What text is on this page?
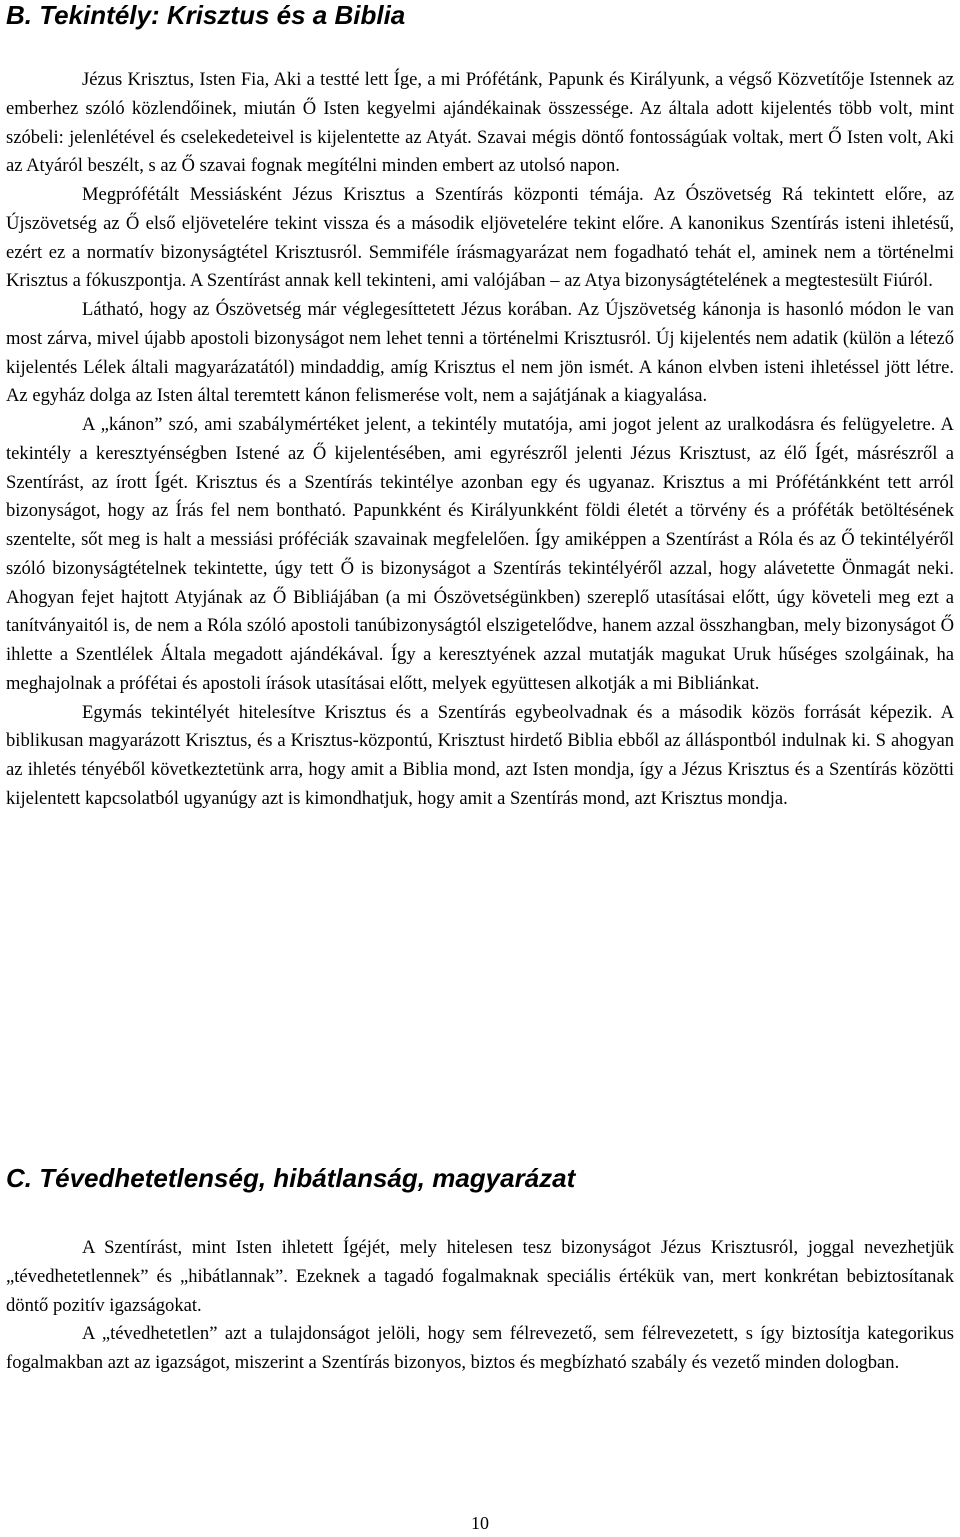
B. Tekintély: Krisztus és a Biblia

Jézus Krisztus, Isten Fia, Aki a testté lett Íge, a mi Prófétánk, Papunk és Királyunk, a végső Közvetítője Istennek az emberhez szóló közlendőinek, miután Ő Isten kegyelmi ajándékainak összessége. Az általa adott kijelentés több volt, mint szóbeli: jelenlétével és cselekedeteivel is kijelentette az Atyát. Szavai mégis döntő fontosságúak voltak, mert Ő Isten volt, Aki az Atyáról beszélt, s az Ő szavai fognak megítélni minden embert az utolsó napon.

Megprófétált Messiásként Jézus Krisztus a Szentírás központi témája. Az Ószövetség Rá tekintett előre, az Újszövetség az Ő első eljövetelére tekint vissza és a második eljövetelére tekint előre. A kanonikus Szentírás isteni ihletésű, ezért ez a normatív bizonyságtétel Krisztusról. Semmiféle írásmagyarázat nem fogadható tehát el, aminek nem a történelmi Krisztus a fókuszpontja. A Szentírást annak kell tekinteni, ami valójában – az Atya bizonyságtételének a megtestesült Fiúról.

Látható, hogy az Ószövetség már véglegesíttetett Jézus korában. Az Újszövetség kánonja is hasonló módon le van most zárva, mivel újabb apostoli bizonyságot nem lehet tenni a történelmi Krisztusról. Új kijelentés nem adatik (külön a létező kijelentés Lélek általi magyarázatától) mindaddig, amíg Krisztus el nem jön ismét. A kánon elvben isteni ihletéssel jött létre. Az egyház dolga az Isten által teremtett kánon felismerése volt, nem a sajátjának a kiagyalása.

A „kánon” szó, ami szabálymértéket jelent, a tekintély mutatója, ami jogot jelent az uralkodásra és felügyeletre. A tekintély a keresztyénségben Istené az Ő kijelentésében, ami egyrészről jelenti Jézus Krisztust, az élő Ígét, másrészről a Szentírást, az írott Ígét. Krisztus és a Szentírás tekintélye azonban egy és ugyanaz. Krisztus a mi Prófétánkként tett arról bizonyságot, hogy az Írás fel nem bontható. Papunkként és Királyunkként földi életét a törvény és a próféták betöltésének szentelte, sőt meg is halt a messiási próféciák szavainak megfelelően. Így amiképpen a Szentírást a Róla és az Ő tekintélyéről szóló bizonyságtételnek tekintette, úgy tett Ő is bizonyságot a Szentírás tekintélyéről azzal, hogy alávetette Önmagát neki. Ahogyan fejet hajtott Atyjának az Ő Bibliájában (a mi Ószövetségünkben) szereplő utasításai előtt, úgy követeli meg ezt a tanítványaitól is, de nem a Róla szóló apostoli tanúbizonyságtól elszigetelődve, hanem azzal összhangban, mely bizonyságot Ő ihlette a Szentlélek Általa megadott ajándékával. Így a keresztyének azzal mutatják magukat Uruk hűséges szolgáinak, ha meghajolnak a prófétai és apostoli írások utasításai előtt, melyek együttesen alkotják a mi Bibliánkat.

Egymás tekintélyét hitelesítve Krisztus és a Szentírás egybeolvadnak és a második közös forrását képezik. A biblikusan magyarázott Krisztus, és a Krisztus-központú, Krisztust hirdető Biblia ebből az álláspontból indulnak ki. S ahogyan az ihletés tényéből következtetünk arra, hogy amit a Biblia mond, azt Isten mondja, így a Jézus Krisztus és a Szentírás közötti kijelentett kapcsolatból ugyanúgy azt is kimondhatjuk, hogy amit a Szentírás mond, azt Krisztus mondja.

C. Tévedhetetlenség, hibátlanság, magyarázat

A Szentírást, mint Isten ihletett Ígéjét, mely hitelesen tesz bizonyságot Jézus Krisztusról, joggal nevezhetjük „tévedhetetlennek” és „hibátlannak”. Ezeknek a tagadó fogalmaknak speciális értékük van, mert konkrétan bebiztosítanak döntő pozitív igazságokat.

A „tévedhetetlen” azt a tulajdonságot jelöli, hogy sem félrevezető, sem félrevezetett, s így biztosítja kategorikus fogalmakban azt az igazságot, miszerint a Szentírás bizonyos, biztos és megbízható szabály és vezető minden dologban.

10
